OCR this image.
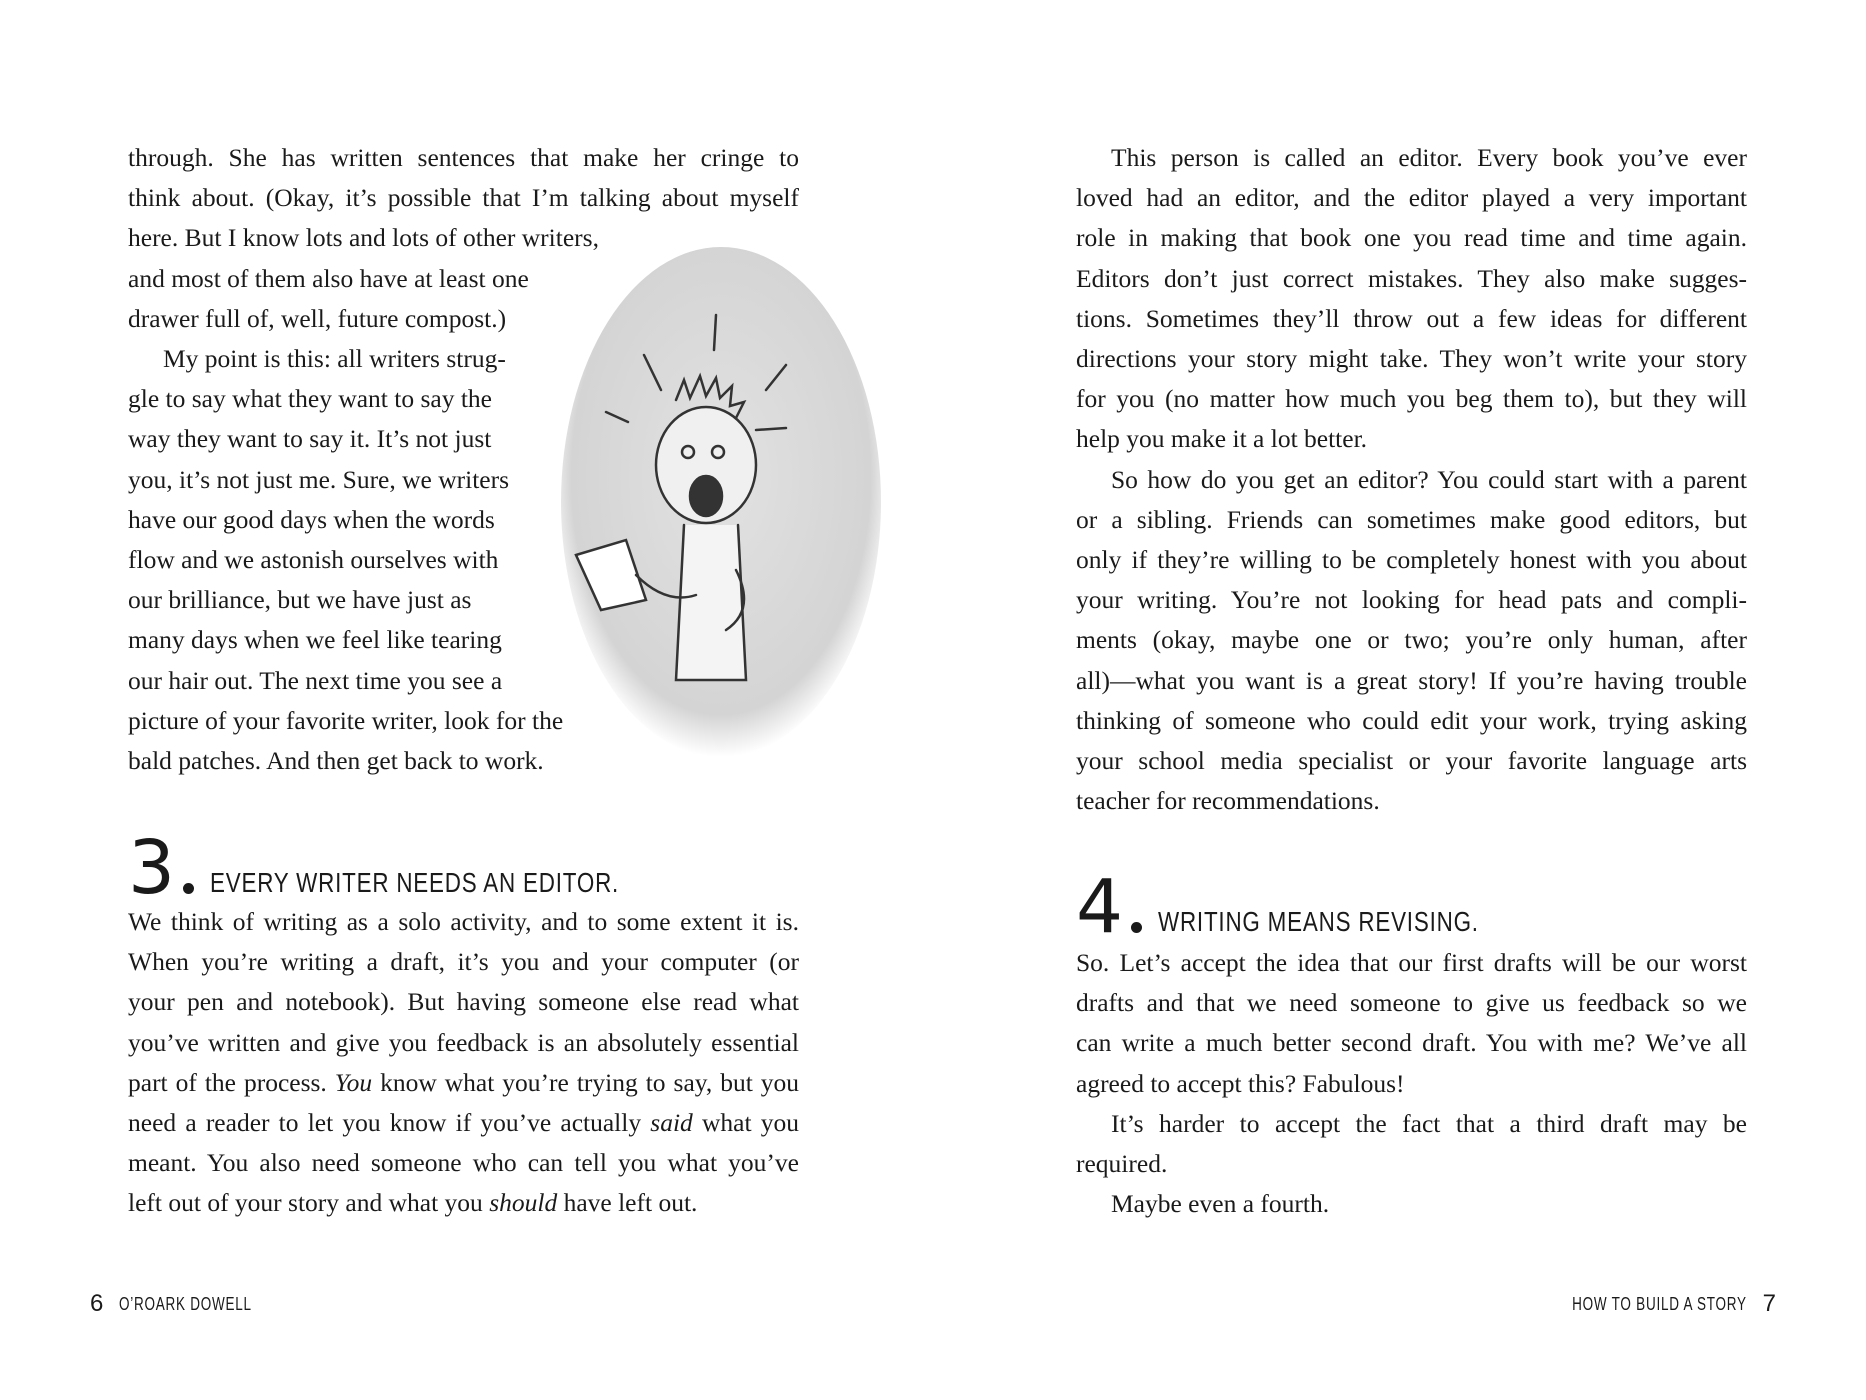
through. She has written sentences that make her cringe to
think about. (Okay, it’s possible that I’m talking about myself
here. But I know lots and lots of other writers,
and most of them also have at least one
drawer full of, well, future compost.)
My point is this: all writers strug-
gle to say what they want to say the
way they want to say it. It’s not just
you, it’s not just me. Sure, we writers
have our good days when the words
flow and we astonish ourselves with
our brilliance, but we have just as
many days when we feel like tearing
our hair out. The next time you see a
picture of your favorite writer, look for the
bald patches. And then get back to work.
3 EVERY WRITER NEEDS AN EDITOR.
We think of writing as a solo activity, and to some extent it is.
When you’re writing a draft, it’s you and your computer (or
your pen and notebook). But having someone else read what
you’ve written and give you feedback is an absolutely essential
part of the process. You know what you’re trying to say, but you
need a reader to let you know if you’ve actually said what you
meant. You also need someone who can tell you what you’ve
left out of your story and what you should have left out.
This person is called an editor. Every book you’ve ever
loved had an editor, and the editor played a very important
role in making that book one you read time and time again.
Editors don’t just correct mistakes. They also make sugges-
tions. Sometimes they’ll throw out a few ideas for different
directions your story might take. They won’t write your story
for you (no matter how much you beg them to), but they will
help you make it a lot better.
So how do you get an editor? You could start with a parent
or a sibling. Friends can sometimes make good editors, but
only if they’re willing to be completely honest with you about
your writing. You’re not looking for head pats and compli-
ments (okay, maybe one or two; you’re only human, after
all)—what you want is a great story! If you’re having trouble
thinking of someone who could edit your work, trying asking
your school media specialist or your favorite language arts
teacher for recommendations.
4 WRITING MEANS REVISING.
So. Let’s accept the idea that our first drafts will be our worst
drafts and that we need someone to give us feedback so we
can write a much better second draft. You with me? We’ve all
agreed to accept this? Fabulous!
It’s harder to accept the fact that a third draft may be
required.
Maybe even a fourth.
6 O’ROARK DOWELL	HOW TO BUILD A STORY 7
